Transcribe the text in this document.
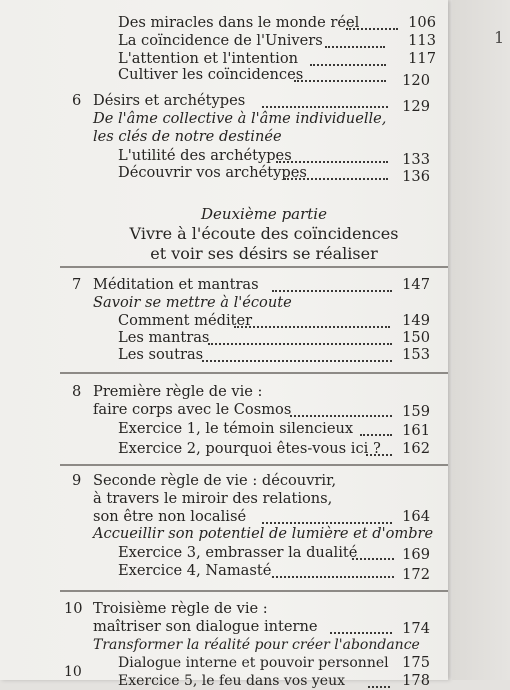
Des miracles dans le monde réel	106
La coïncidence de l'Univers	113
L'attention et l'intention	117
Cultiver les coïncidences	120
6 Désirs et archétypes	129
De l'âme collective à l'âme individuelle,
les clés de notre destinée
L'utilité des archétypes	133
Découvrir vos archétypes	136
Deuxième partie
Vivre à l'écoute des coïncidences
et voir ses désirs se réaliser
7 Méditation et mantras	147
Savoir se mettre à l'écoute
Comment méditer	149
Les mantras	150
Les soutras	153
8 Première règle de vie :
faire corps avec le Cosmos	159
Exercice 1, le témoin silencieux	161
Exercice 2, pourquoi êtes-vous ici ?	162
9 Seconde règle de vie : découvrir,
à travers le miroir des relations,
son être non localisé	164
Accueillir son potentiel de lumière et d'ombre
Exercice 3, embrasser la dualité	169
Exercice 4, Namasté	172
10 Troisième règle de vie :
maîtriser son dialogue interne	174
Transformer la réalité pour créer l'abondance
Dialogue interne et pouvoir personnel 175
Exercice 5, le feu dans vos yeux	178
10
1
